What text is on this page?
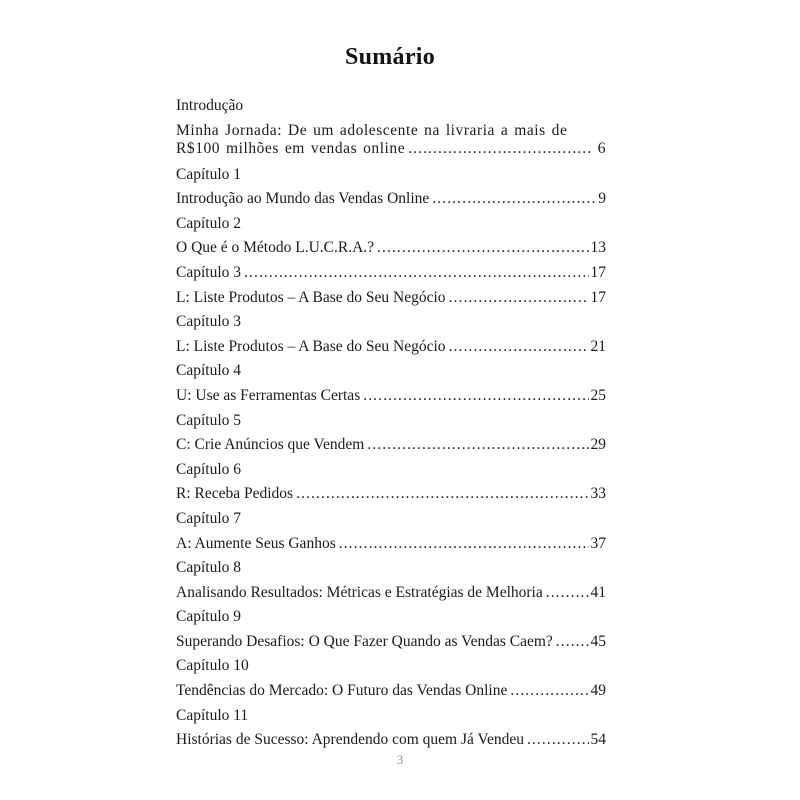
Sumário
Introdução
Minha Jornada: De um adolescente na livraria a mais de
R$100 milhões em vendas online .....	6
Capítulo 1
Introdução ao Mundo das Vendas Online .....	9
Capítulo 2
O Que é o Método L.U.C.R.A.? .....	13
Capítulo 3 .....	17
L: Liste Produtos – A Base do Seu Negócio .....	17
Capítulo 3
L: Liste Produtos – A Base do Seu Negócio .....	21
Capítulo 4
U: Use as Ferramentas Certas .....	25
Capítulo 5
C: Crie Anúncios que Vendem .....	29
Capítulo 6
R: Receba Pedidos .....	33
Capítulo 7
A: Aumente Seus Ganhos .....	37
Capítulo 8
Analisando Resultados: Métricas e Estratégias de Melhoria .....	41
Capítulo 9
Superando Desafios: O Que Fazer Quando as Vendas Caem? ..... 45
Capítulo 10
Tendências do Mercado: O Futuro das Vendas Online .....	49
Capítulo 11
Histórias de Sucesso: Aprendendo com quem Já Vendeu .....	54
3
